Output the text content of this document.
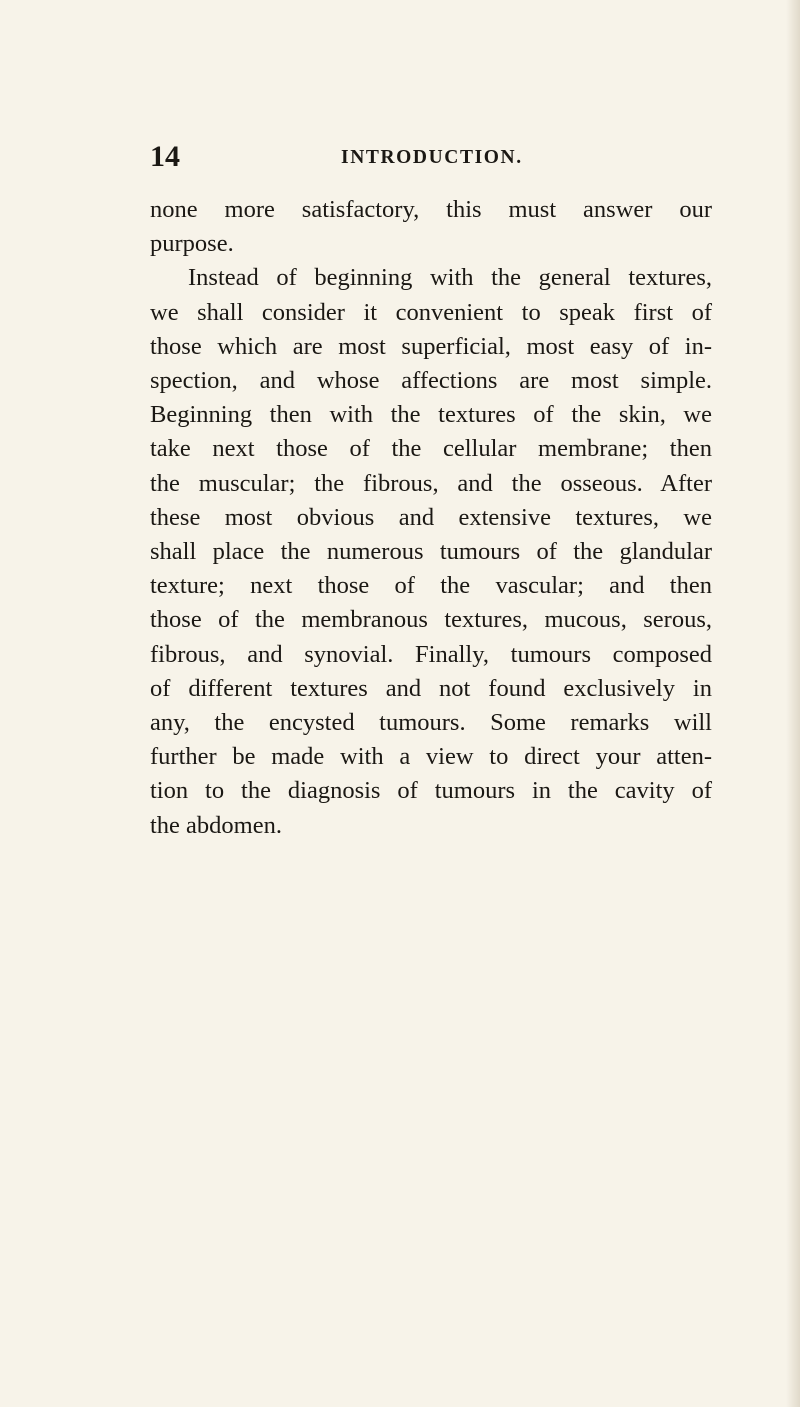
14	INTRODUCTION.
none more satisfactory, this must answer our
purpose.
Instead of beginning with the general textures,
we shall consider it convenient to speak first of
those which are most superficial, most easy of in-
spection, and whose affections are most simple.
Beginning then with the textures of the skin, we
take next those of the cellular membrane; then
the muscular; the fibrous, and the osseous. After
these most obvious and extensive textures, we
shall place the numerous tumours of the glandular
texture; next those of the vascular; and then
those of the membranous textures, mucous, serous,
fibrous, and synovial. Finally, tumours composed
of different textures and not found exclusively in
any, the encysted tumours. Some remarks will
further be made with a view to direct your atten-
tion to the diagnosis of tumours in the cavity of
the abdomen.
